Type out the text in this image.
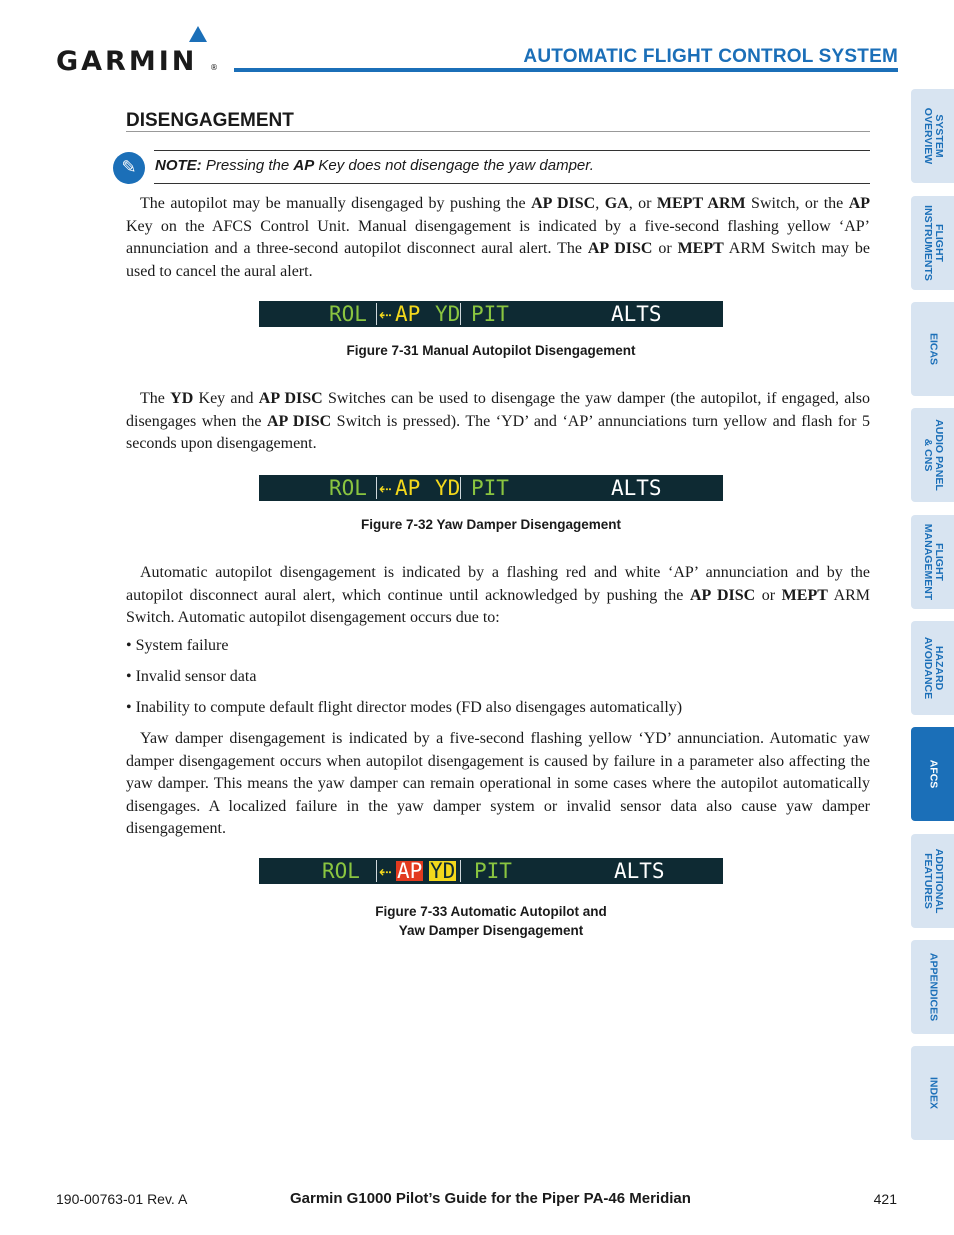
GARMIN ®
AUTOMATIC FLIGHT CONTROL SYSTEM
DISENGAGEMENT
✎	NOTE: Pressing the AP Key does not disengage the yaw damper.

The autopilot may be manually disengaged by pushing the AP DISC, GA, or MEPT ARM Switch, or the AP Key on the AFCS Control Unit. Manual disengagement is indicated by a five-second flashing yellow ‘AP’ annunciation and a three-second autopilot disconnect aural alert. The AP DISC or MEPT ARM Switch may be used to cancel the aural alert.

ROL ⇠ AP YD PIT	ALTS
Figure 7-31 Manual Autopilot Disengagement

The YD Key and AP DISC Switches can be used to disengage the yaw damper (the autopilot, if engaged, also disengages when the AP DISC Switch is pressed). The ‘YD’ and ‘AP’ annunciations turn yellow and flash for 5 seconds upon disengagement.

ROL ⇠ AP YD PIT	ALTS
Figure 7-32 Yaw Damper Disengagement

Automatic autopilot disengagement is indicated by a flashing red and white ‘AP’ annunciation and by the autopilot disconnect aural alert, which continue until acknowledged by pushing the AP DISC or MEPT ARM Switch. Automatic autopilot disengagement occurs due to:

• System failure
• Invalid sensor data
• Inability to compute default flight director modes (FD also disengages automatically)

Yaw damper disengagement is indicated by a five-second flashing yellow ‘YD’ annunciation. Automatic yaw damper disengagement occurs when autopilot disengagement is caused by failure in a parameter also affecting the yaw damper. This means the yaw damper can remain operational in some cases where the autopilot automatically disengages. A localized failure in the yaw damper system or invalid sensor data also cause yaw damper disengagement.

ROL ⇠ AP YD PIT	ALTS
Figure 7-33 Automatic Autopilot and
Yaw Damper Disengagement
SYSTEM
OVERVIEW
FLIGHT
INSTRUMENTS
EICAS
AUDIO PANEL
& CNS
FLIGHT
MANAGEMENT
HAZARD
AVOIDANCE
AFCS
ADDITIONAL
FEATURES
APPENDICES
INDEX
190-00763-01 Rev. A	Garmin G1000 Pilot’s Guide for the Piper PA-46 Meridian	421
